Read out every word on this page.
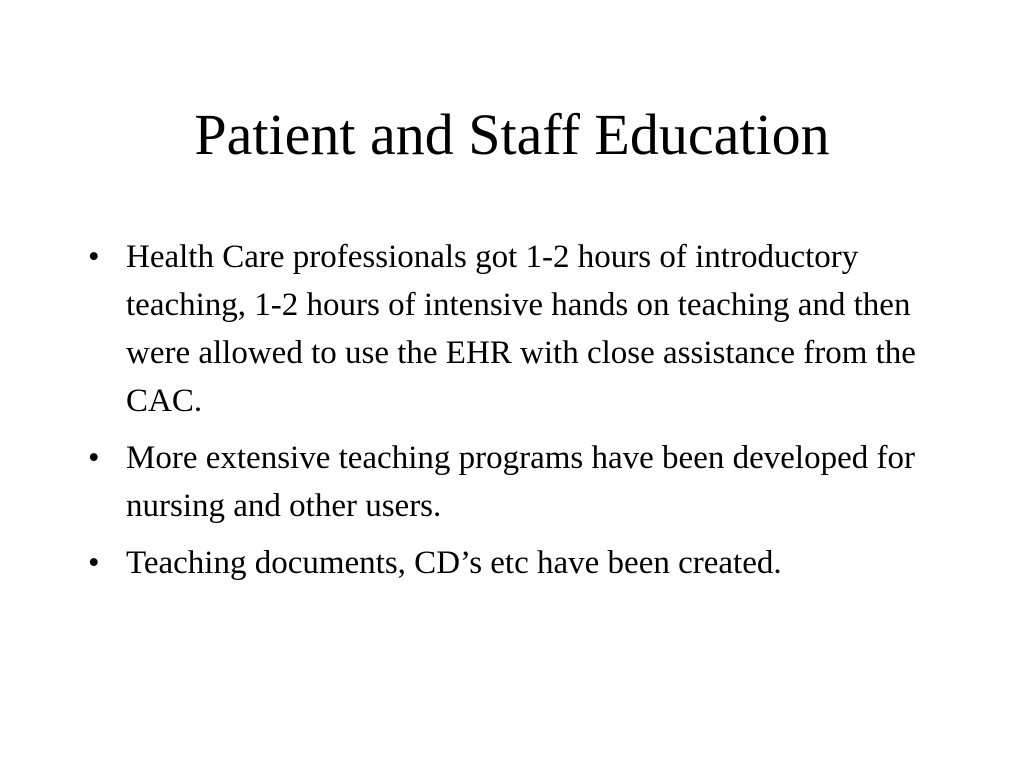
Patient and Staff Education
• Health Care professionals got 1-2 hours of introductory teaching, 1-2 hours of intensive hands on teaching and then were allowed to use the EHR with close assistance from the CAC.
• More extensive teaching programs have been developed for nursing and other users.
• Teaching documents, CD’s etc have been created.
